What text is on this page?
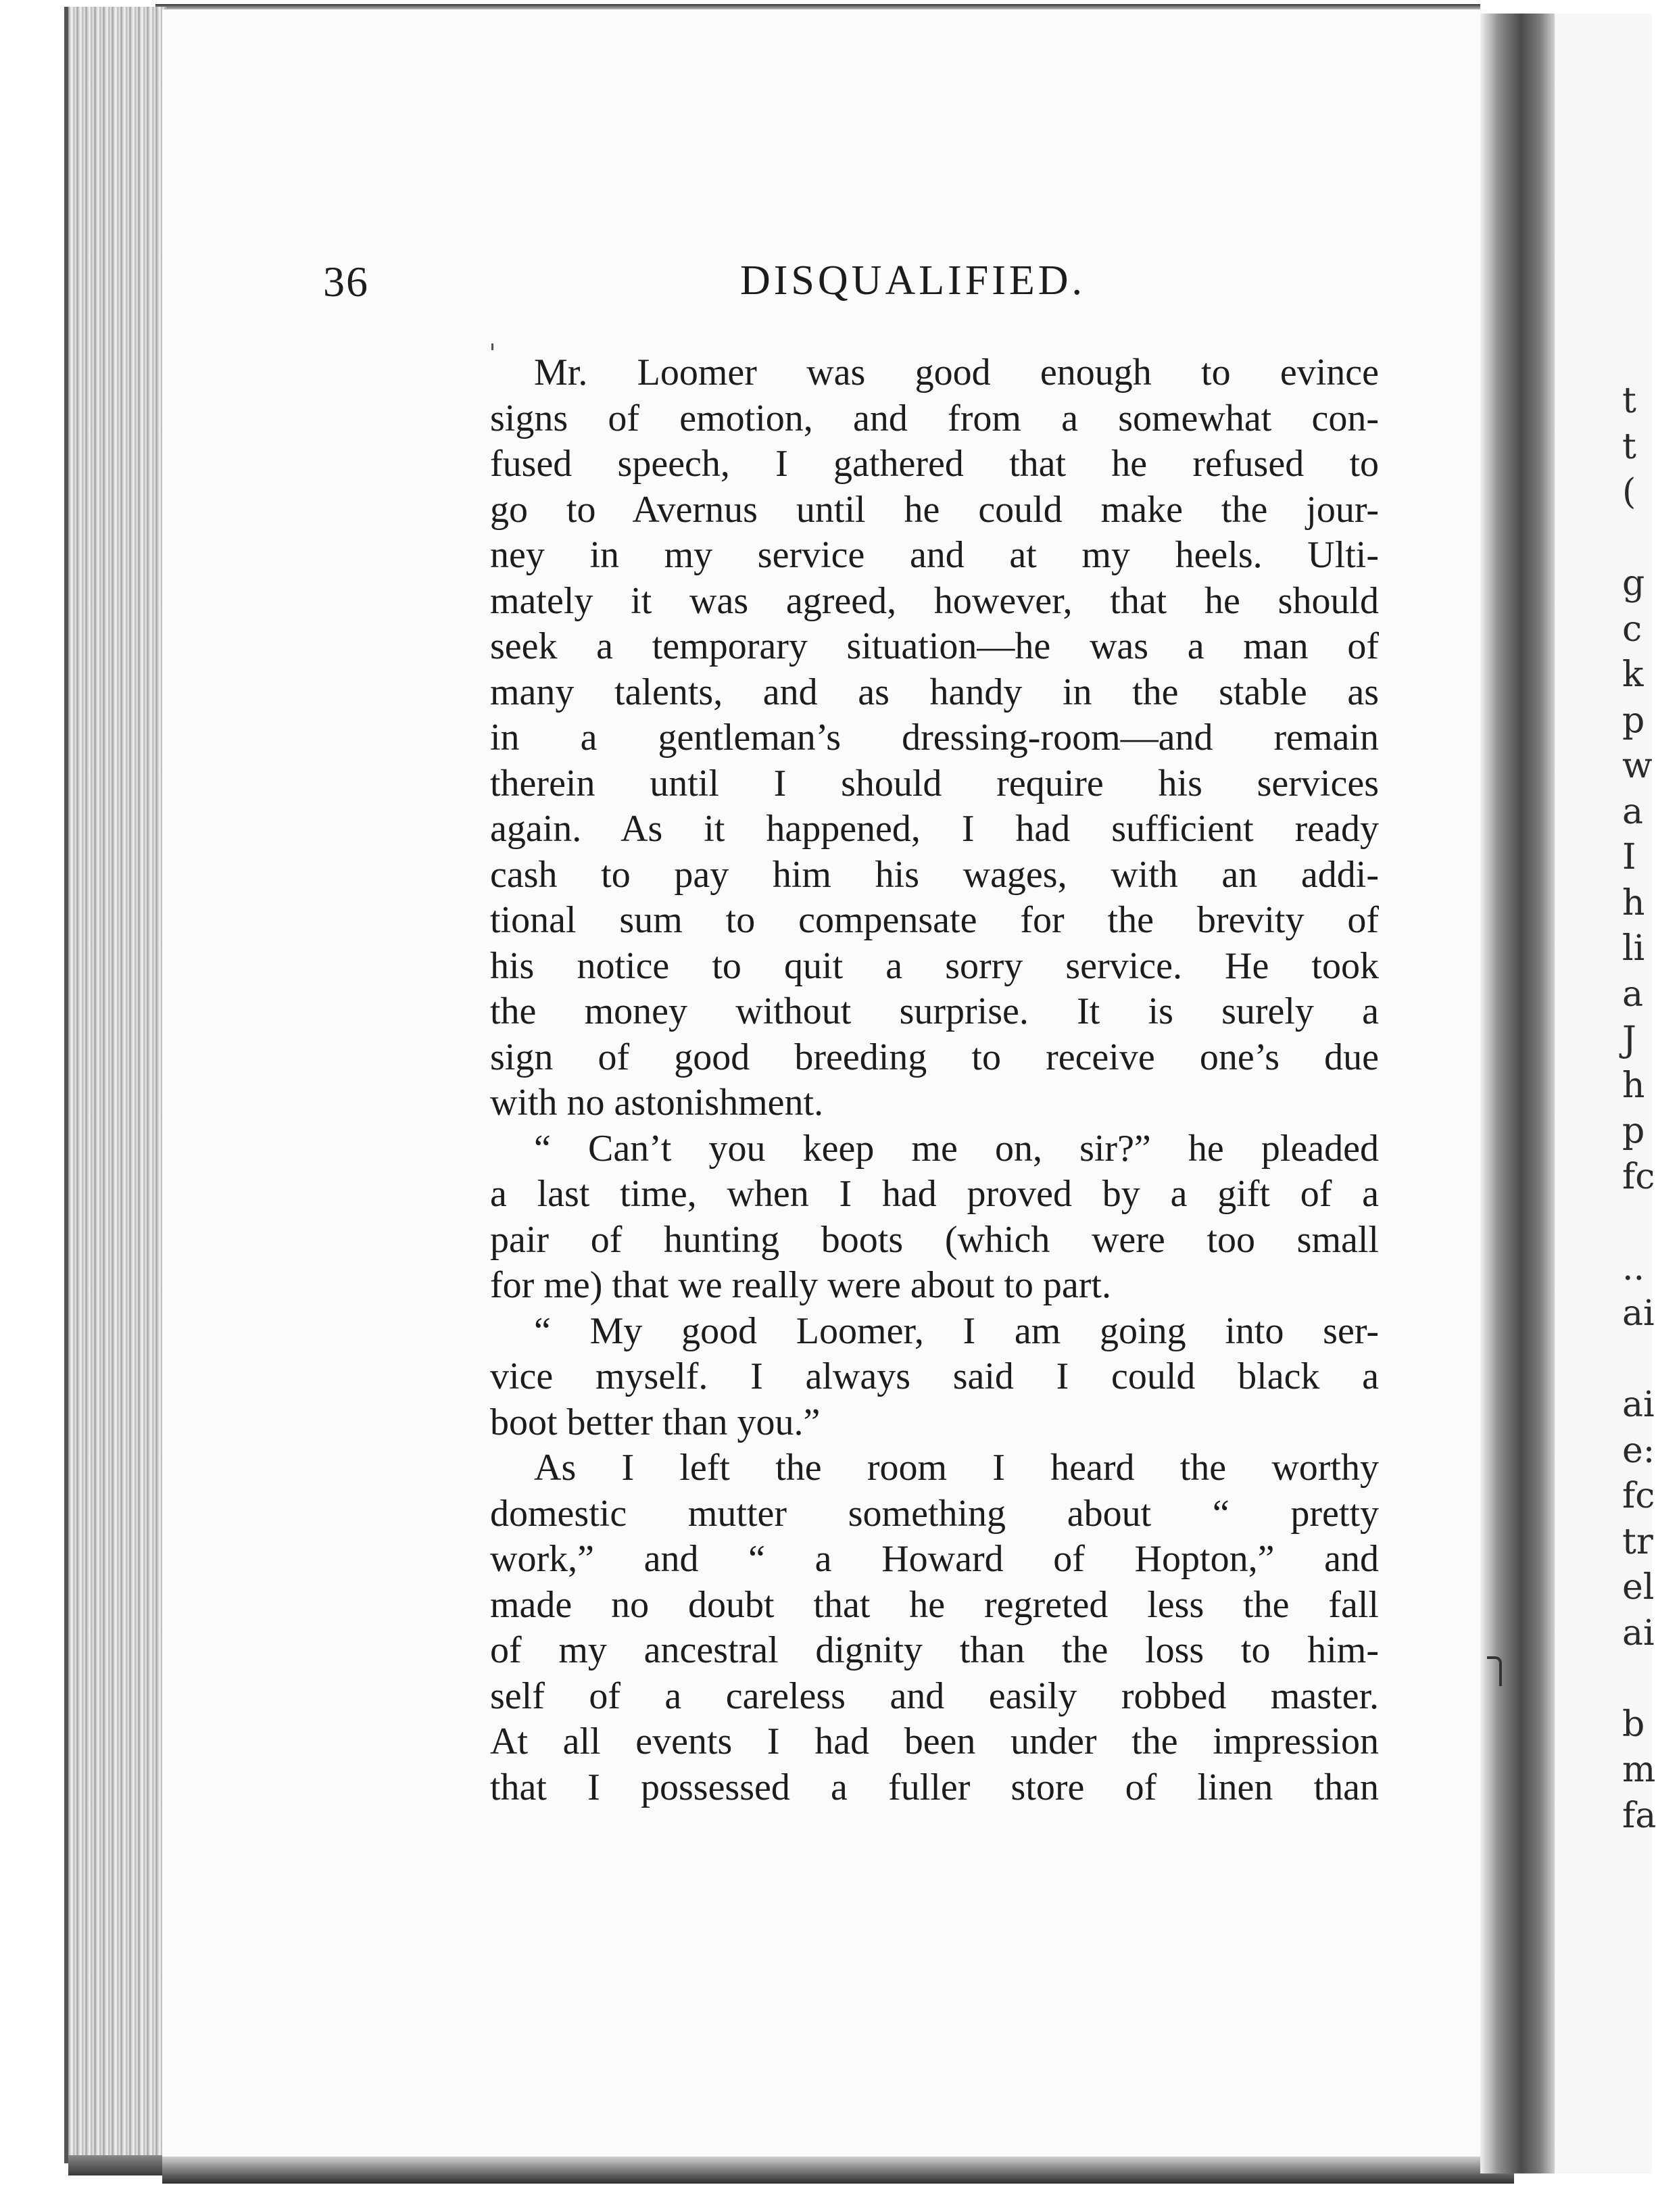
t
t
(

g
c
k
p
w
a
I
h
li
a
J
h
p
fc

..
ai

ai
e:
fc
tr
el
ai

b
m
fa
36	DISQUALIFIED.
Mr. Loomer was good enough to evince
signs of emotion, and from a somewhat con-
fused speech, I gathered that he refused to
go to Avernus until he could make the jour-
ney in my service and at my heels. Ulti-
mately it was agreed, however, that he should
seek a temporary situation—he was a man of
many talents, and as handy in the stable as
in a gentleman’s dressing-room—and remain
therein until I should require his services
again. As it happened, I had sufficient ready
cash to pay him his wages, with an addi-
tional sum to compensate for the brevity of
his notice to quit a sorry service. He took
the money without surprise. It is surely a
sign of good breeding to receive one’s due
with no astonishment.
“ Can’t you keep me on, sir?” he pleaded
a last time, when I had proved by a gift of a
pair of hunting boots (which were too small
for me) that we really were about to part.
“ My good Loomer, I am going into ser-
vice myself. I always said I could black a
boot better than you.”
As I left the room I heard the worthy
domestic mutter something about “ pretty
work,” and “ a Howard of Hopton,” and
made no doubt that he regreted less the fall
of my ancestral dignity than the loss to him-
self of a careless and easily robbed master.
At all events I had been under the impression
that I possessed a fuller store of linen than
